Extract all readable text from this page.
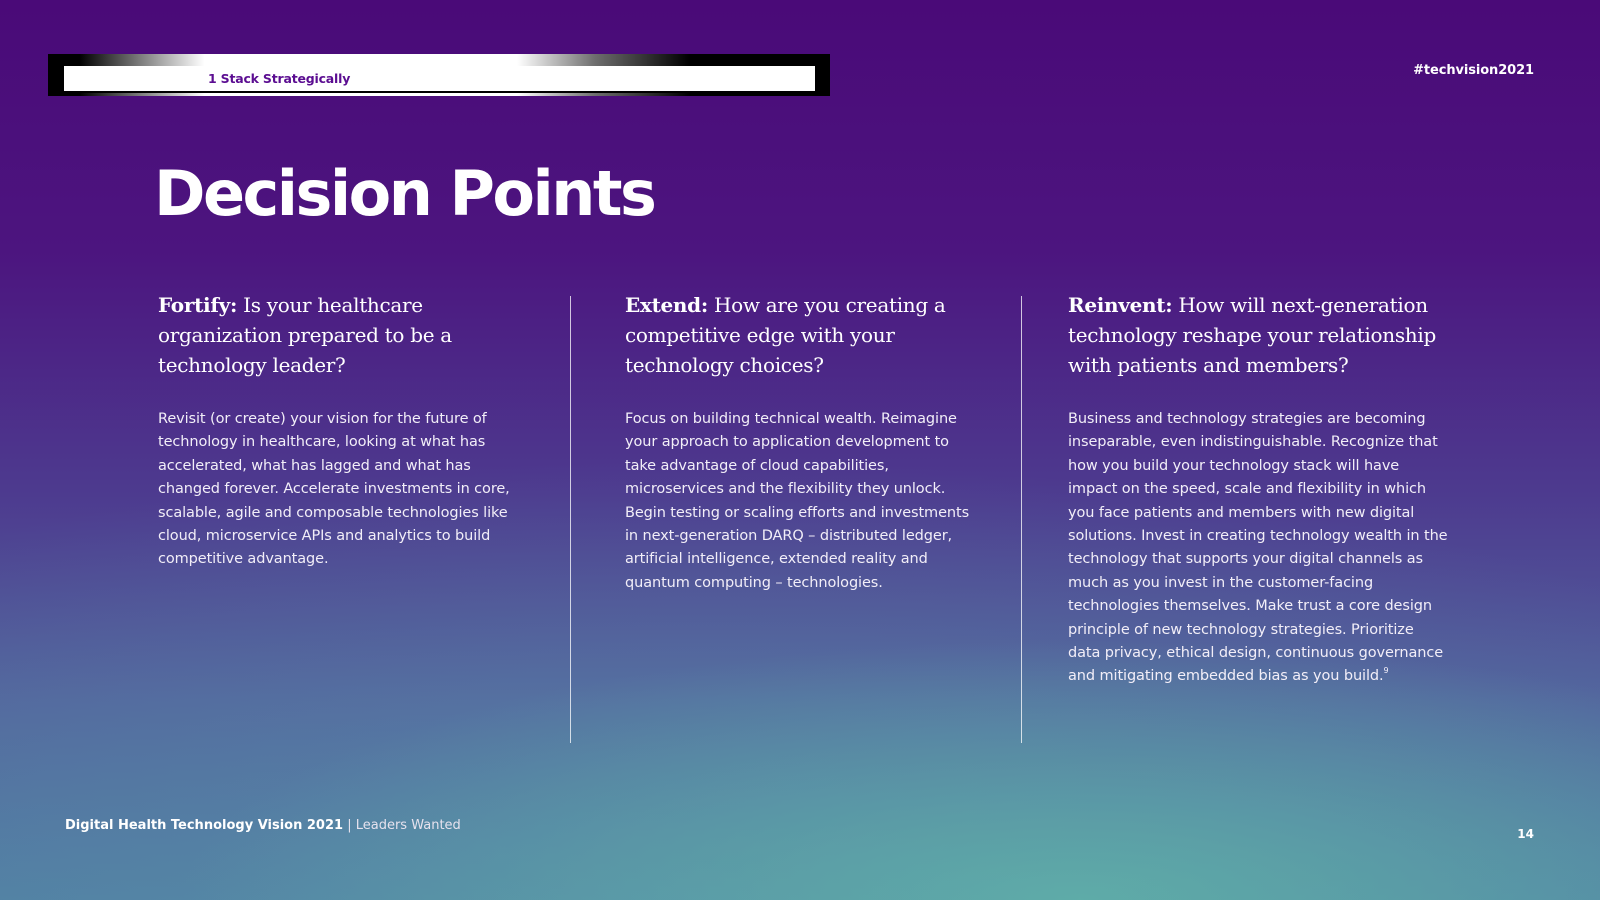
1 Stack Strategically
#techvision2021
Decision Points
Fortify: Is your healthcare organization prepared to be a technology leader?

Revisit (or create) your vision for the future of technology in healthcare, looking at what has accelerated, what has lagged and what has changed forever. Accelerate investments in core, scalable, agile and composable technologies like cloud, microservice APIs and analytics to build competitive advantage.

Extend: How are you creating a competitive edge with your technology choices?

Focus on building technical wealth. Reimagine your approach to application development to take advantage of cloud capabilities, microservices and the flexibility they unlock. Begin testing or scaling efforts and investments in next-generation DARQ – distributed ledger, artificial intelligence, extended reality and quantum computing – technologies.

Reinvent: How will next-generation technology reshape your relationship with patients and members?

Business and technology strategies are becoming inseparable, even indistinguishable. Recognize that how you build your technology stack will have impact on the speed, scale and flexibility in which you face patients and members with new digital solutions. Invest in creating technology wealth in the technology that supports your digital channels as much as you invest in the customer-facing technologies themselves. Make trust a core design principle of new technology strategies. Prioritize data privacy, ethical design, continuous governance and mitigating embedded bias as you build.$^9$

Digital Health Technology Vision 2021 | Leaders Wanted
14
